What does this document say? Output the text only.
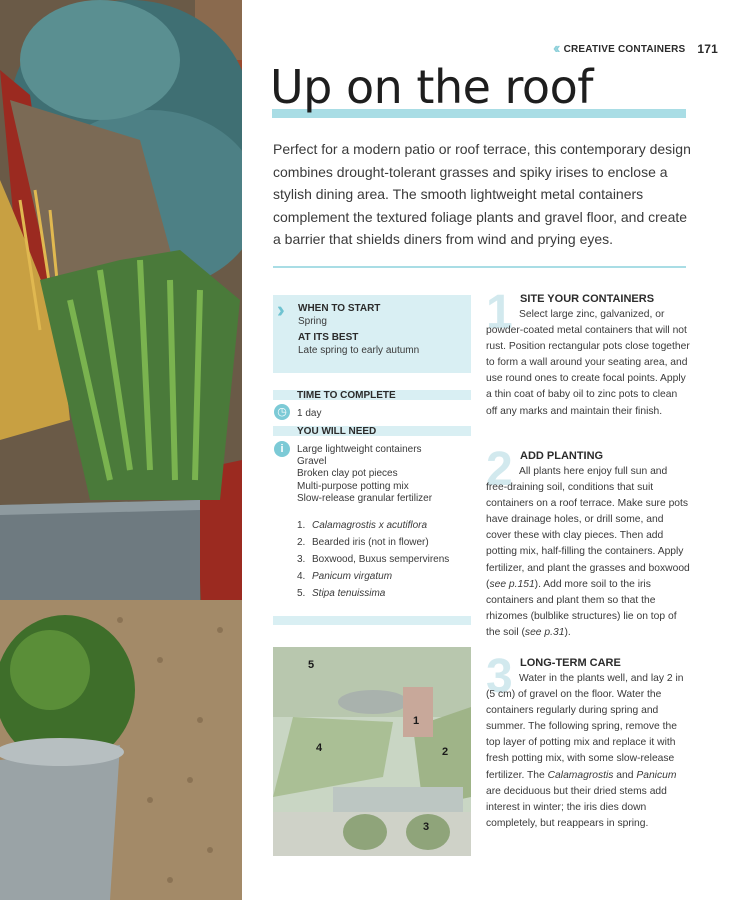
‹‹ CREATIVE CONTAINERS 171
Up on the roof

Perfect for a modern patio or roof terrace, this contemporary design combines drought-tolerant grasses and spiky irises to enclose a stylish dining area. The smooth lightweight metal containers complement the textured foliage plants and gravel floor, and create a barrier that shields diners from wind and prying eyes.

›› WHEN TO START
Spring
AT ITS BEST
Late spring to early autumn
TIME TO COMPLETE
◷	1 day
YOU WILL NEED
i	Large lightweight containers
Gravel
Broken clay pot pieces
Multi-purpose potting mix
Slow-release granular fertilizer
1. Calamagrostis x acutiflora
2. Bearded iris (not in flower)
3. Boxwood, Buxus sempervirens
4. Panicum virgatum
5. Stipa tenuissima
5
1
4	2
3
1 SITE YOUR CONTAINERS

Select large zinc, galvanized, or powder-coated metal containers that will not rust. Position rectangular pots close together to form a wall around your seating area, and use round ones to create focal points. Apply a thin coat of baby oil to zinc pots to clean off any marks and maintain their finish.

2 ADD PLANTING

All plants here enjoy full sun and free-draining soil, conditions that suit containers on a roof terrace. Make sure pots have drainage holes, or drill some, and cover these with clay pieces. Then add potting mix, half-filling the containers. Apply fertilizer, and plant the grasses and boxwood (see p.151). Add more soil to the iris containers and plant them so that the rhizomes (bulblike structures) lie on top of the soil (see p.31).

3 LONG-TERM CARE

Water in the plants well, and lay 2 in (5 cm) of gravel on the floor. Water the containers regularly during spring and summer. The following spring, remove the top layer of potting mix and replace it with fresh potting mix, with some slow-release fertilizer. The Calamagrostis and Panicum are deciduous but their dried stems add interest in winter; the iris dies down completely, but reappears in spring.
